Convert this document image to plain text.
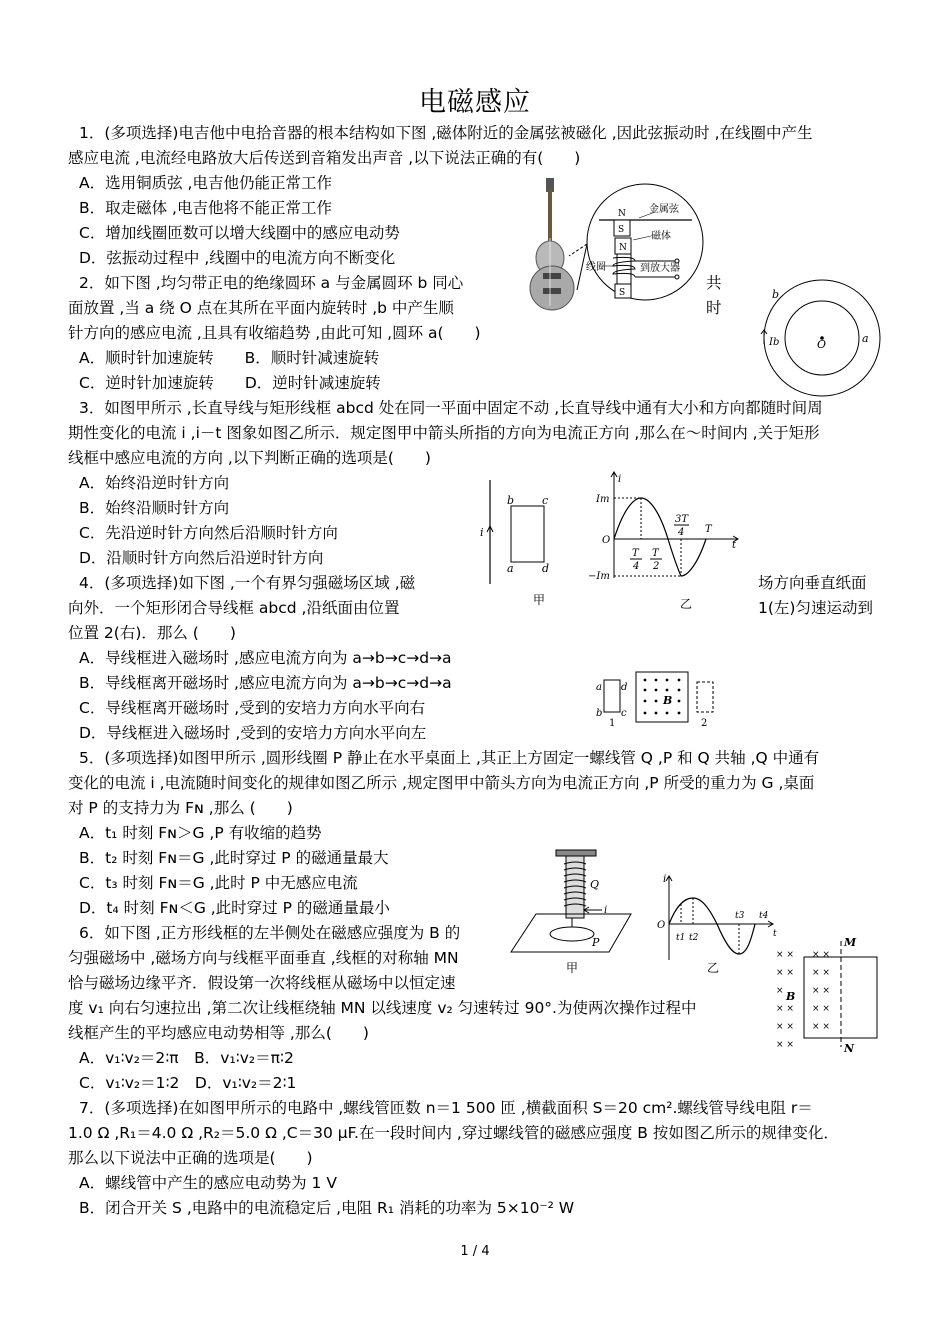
电磁感应
1．(多项选择)电吉他中电拾音器的根本结构如下图 ,磁体附近的金属弦被磁化 ,因此弦振动时 ,在线圈中产生
感应电流 ,电流经电路放大后传送到音箱发出声音 ,以下说法正确的有(　　)
A．选用铜质弦 ,电吉他仍能正常工作
B．取走磁体 ,电吉他将不能正常工作
C．增加线圈匝数可以增大线圈中的感应电动势
D．弦振动过程中 ,线圈中的电流方向不断变化
2．如下图 ,均匀带正电的绝缘圆环 a 与金属圆环 b 同心	共
面放置 ,当 a 绕 O 点在其所在平面内旋转时 ,b 中产生顺	时
针方向的感应电流 ,且具有收缩趋势 ,由此可知 ,圆环 a(　　)
A．顺时针加速旋转　　B．顺时针减速旋转
C．逆时针加速旋转　　D．逆时针减速旋转
3．如图甲所示 ,长直导线与矩形线框 abcd 处在同一平面中固定不动 ,长直导线中通有大小和方向都随时间周
期性变化的电流 i ,i－t 图象如图乙所示．规定图甲中箭头所指的方向为电流正方向 ,那么在～时间内 ,关于矩形
线框中感应电流的方向 ,以下判断正确的选项是(　　)
A．始终沿逆时针方向
B．始终沿顺时针方向
C．先沿逆时针方向然后沿顺时针方向
D．沿顺时针方向然后沿逆时针方向
4．(多项选择)如下图 ,一个有界匀强磁场区域 ,磁	场方向垂直纸面
向外．一个矩形闭合导线框 abcd ,沿纸面由位置	1(左)匀速运动到
位置 2(右)．那么 (　　)
A．导线框进入磁场时 ,感应电流方向为 a→b→c→d→a
B．导线框离开磁场时 ,感应电流方向为 a→b→c→d→a
C．导线框离开磁场时 ,受到的安培力方向水平向右
D．导线框进入磁场时 ,受到的安培力方向水平向左
5．(多项选择)如图甲所示 ,圆形线圈 P 静止在水平桌面上 ,其正上方固定一螺线管 Q ,P 和 Q 共轴 ,Q 中通有
变化的电流 i ,电流随时间变化的规律如图乙所示 ,规定图甲中箭头方向为电流正方向 ,P 所受的重力为 G ,桌面
对 P 的支持力为 Fɴ ,那么 (　　)
A．t₁ 时刻 Fɴ＞G ,P 有收缩的趋势
B．t₂ 时刻 Fɴ＝G ,此时穿过 P 的磁通量最大
C．t₃ 时刻 Fɴ＝G ,此时 P 中无感应电流
D．t₄ 时刻 Fɴ＜G ,此时穿过 P 的磁通量最小
6．如下图 ,正方形线框的左半侧处在磁感应强度为 B 的
匀强磁场中 ,磁场方向与线框平面垂直 ,线框的对称轴 MN
恰与磁场边缘平齐．假设第一次将线框从磁场中以恒定速
度 v₁ 向右匀速拉出 ,第二次让线框绕轴 MN 以线速度 v₂ 匀速转过 90°.为使两次操作过程中
线框产生的平均感应电动势相等 ,那么(　　)
A．v₁∶v₂＝2∶π　B．v₁∶v₂＝π∶2
C．v₁∶v₂＝1∶2　D．v₁∶v₂＝2∶1
7．(多项选择)在如图甲所示的电路中 ,螺线管匝数 n＝1 500 匝 ,横截面积 S＝20 cm².螺线管导线电阻 r＝
1.0 Ω ,R₁＝4.0 Ω ,R₂＝5.0 Ω ,C＝30 μF.在一段时间内 ,穿过螺线管的磁感应强度 B 按如图乙所示的规律变化．
那么以下说法中正确的选项是(　　)
A．螺线管中产生的感应电动势为 1 V
B．闭合开关 S ,电路中的电流稳定后 ,电阻 R₁ 消耗的功率为 5×10⁻² W
N
S
N
S
金属弦
磁体
线圈	到放大器
b
a
O
Ib
i
b	c
a	d
甲
i
t
O
Im
−Im
T
4
T
2
3T
4 T
乙
a
b c
d
B
1	2
Q
i
P
甲
i
O
t1 t2
t3 t4
t
乙
× × × ×
× × × ×
×	× ×
× × × ×
× × × ×
× ×
M
N
B
1 / 4
